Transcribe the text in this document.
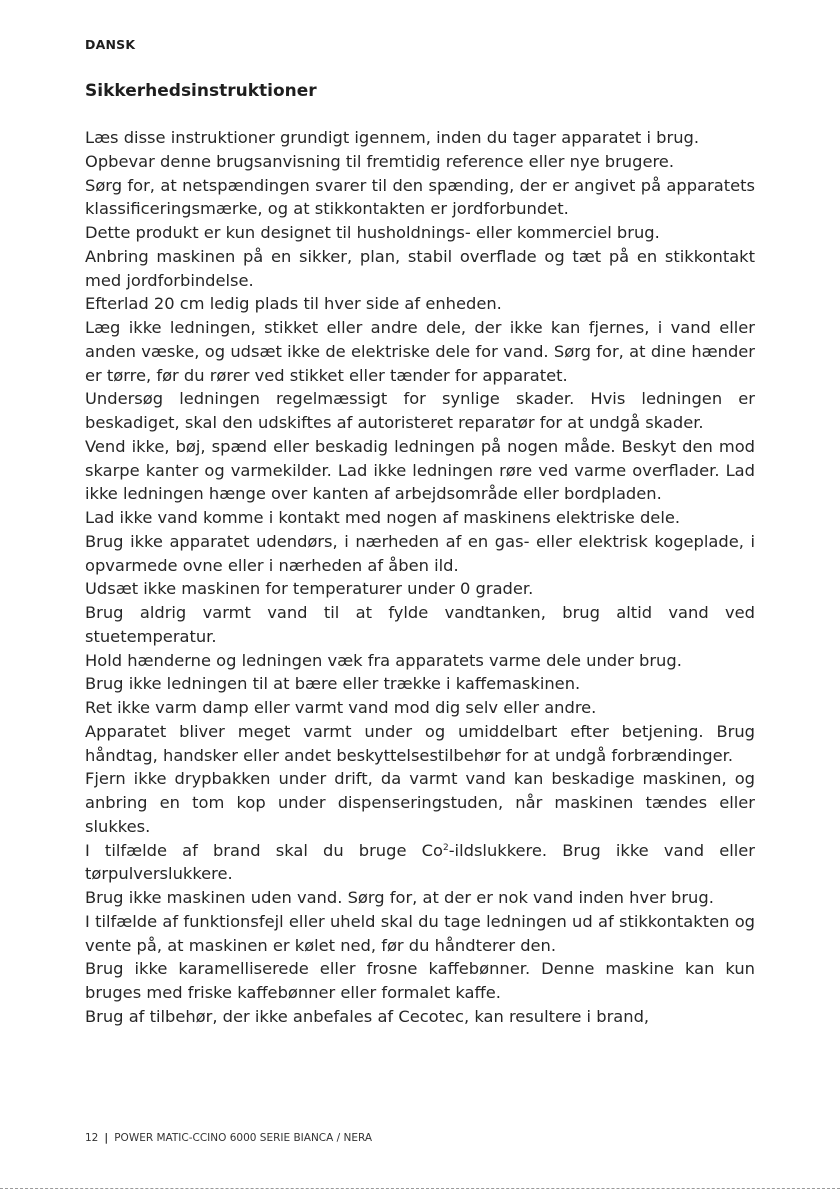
DANSK
Sikkerhedsinstruktioner

Læs disse instruktioner grundigt igennem, inden du tager apparatet i brug.

Opbevar denne brugsanvisning til fremtidig reference eller nye brugere.

Sørg for, at netspændingen svarer til den spænding, der er angivet på apparatets klassificeringsmærke, og at stikkontakten er jordforbundet.

Dette produkt er kun designet til husholdnings- eller kommerciel brug.

Anbring maskinen på en sikker, plan, stabil overflade og tæt på en stikkontakt med jordforbindelse.

Efterlad 20 cm ledig plads til hver side af enheden.

Læg ikke ledningen, stikket eller andre dele, der ikke kan fjernes, i vand eller anden væske, og udsæt ikke de elektriske dele for vand. Sørg for, at dine hænder er tørre, før du rører ved stikket eller tænder for apparatet.

Undersøg ledningen regelmæssigt for synlige skader. Hvis ledningen er beskadiget, skal den udskiftes af autoristeret reparatør for at undgå skader.

Vend ikke, bøj, spænd eller beskadig ledningen på nogen måde. Beskyt den mod skarpe kanter og varmekilder. Lad ikke ledningen røre ved varme overflader. Lad ikke ledningen hænge over kanten af arbejdsområde eller bordpladen.

Lad ikke vand komme i kontakt med nogen af maskinens elektriske dele.

Brug ikke apparatet udendørs, i nærheden af en gas- eller elektrisk kogeplade, i opvarmede ovne eller i nærheden af åben ild.

Udsæt ikke maskinen for temperaturer under 0 grader.

Brug aldrig varmt vand til at fylde vandtanken, brug altid vand ved stuetemperatur.

Hold hænderne og ledningen væk fra apparatets varme dele under brug.

Brug ikke ledningen til at bære eller trække i kaffemaskinen.

Ret ikke varm damp eller varmt vand mod dig selv eller andre.

Apparatet bliver meget varmt under og umiddelbart efter betjening. Brug håndtag, handsker eller andet beskyttelsestilbehør for at undgå forbrændinger.

Fjern ikke drypbakken under drift, da varmt vand kan beskadige maskinen, og anbring en tom kop under dispenseringstuden, når maskinen tændes eller slukkes.

I tilfælde af brand skal du bruge Co$^2$-ildslukkere. Brug ikke vand eller tørpulverslukkere.

Brug ikke maskinen uden vand. Sørg for, at der er nok vand inden hver brug.

I tilfælde af funktionsfejl eller uheld skal du tage ledningen ud af stikkontakten og vente på, at maskinen er kølet ned, før du håndterer den.

Brug ikke karamelliserede eller frosne kaffebønner. Denne maskine kan kun bruges med friske kaffebønner eller formalet kaffe.

Brug af tilbehør, der ikke anbefales af Cecotec, kan resultere i brand,

12 | POWER MATIC-CCINO 6000 SERIE BIANCA / NERA
